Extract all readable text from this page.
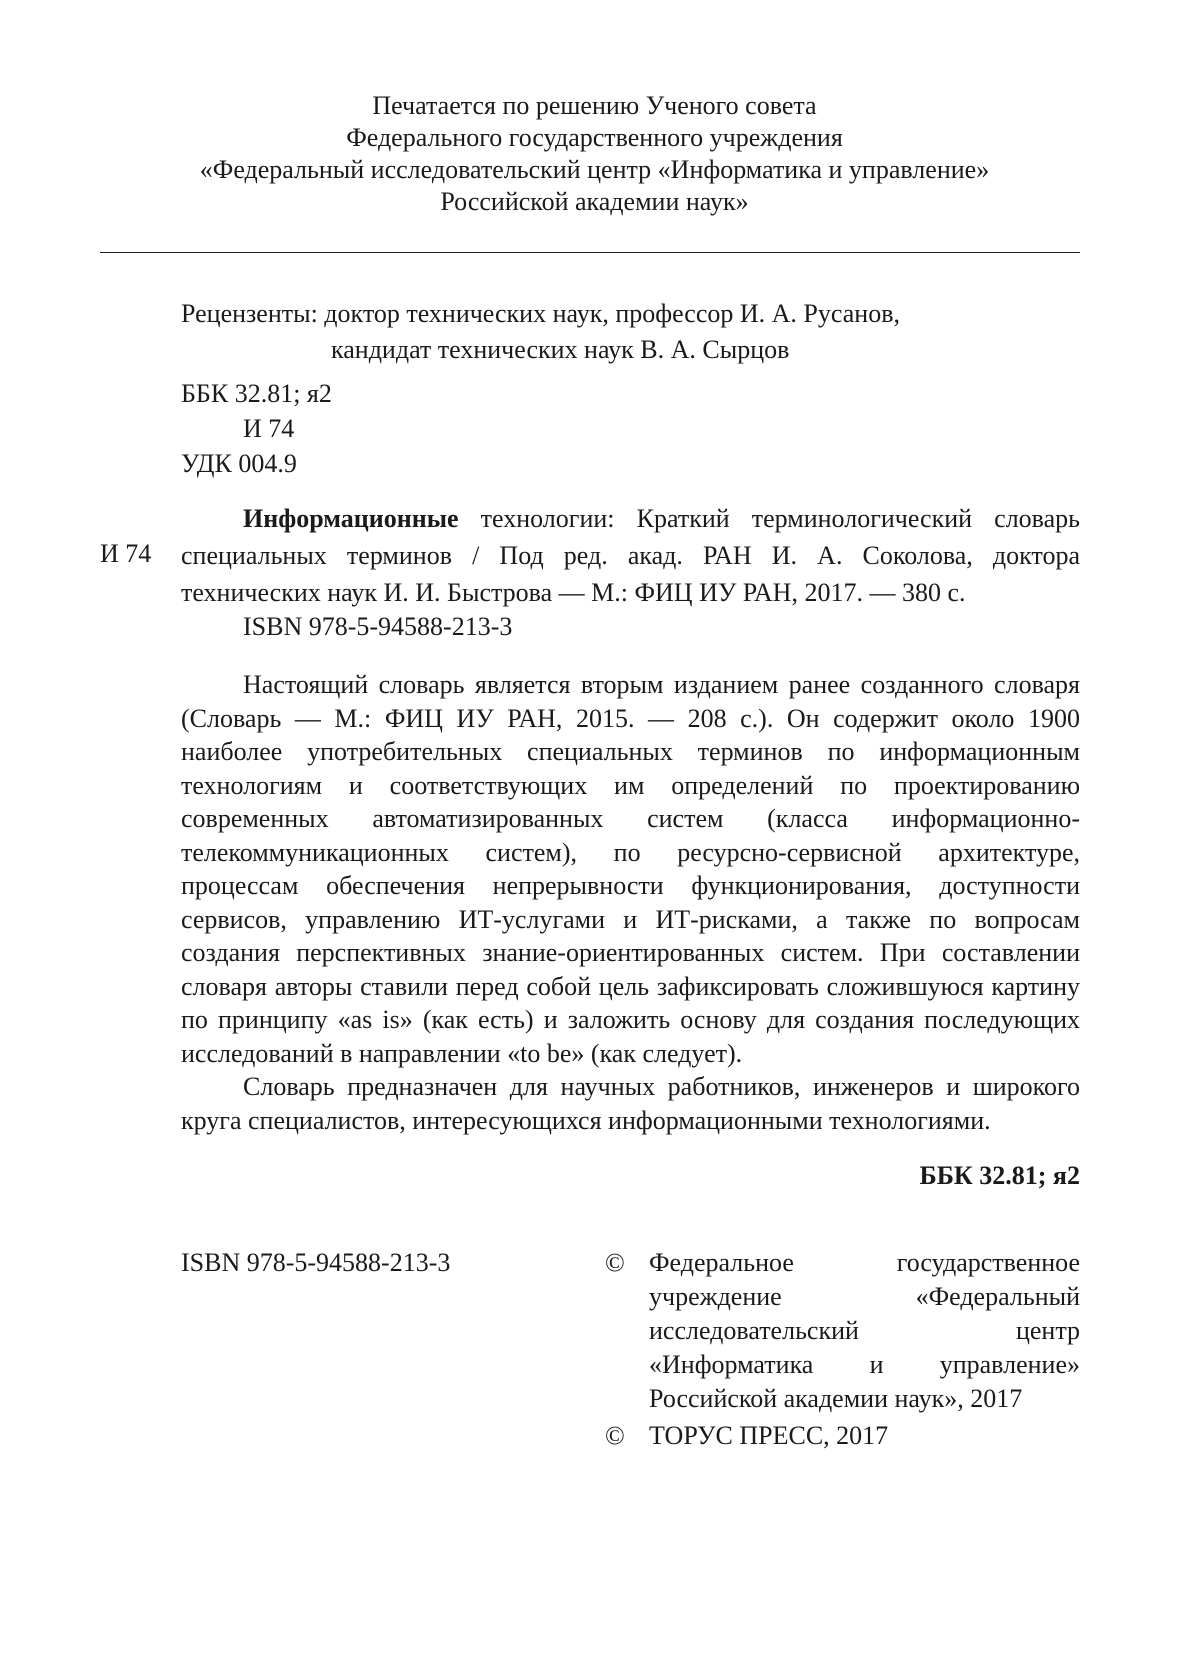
Печатается по решению Ученого совета
Федерального государственного учреждения
«Федеральный исследовательский центр «Информатика и управление»
Российской академии наук»
Рецензенты: доктор технических наук, профессор И. А. Русанов,
кандидат технических наук В. А. Сырцов
ББК 32.81; я2
И 74
УДК 004.9
И 74

Информационные технологии: Краткий терминологический словарь специальных терминов / Под ред. акад. РАН И. А. Соколова, доктора технических наук И. И. Быстрова — М.: ФИЦ ИУ РАН, 2017. — 380 с.

ISBN 978-5-94588-213-3

Настоящий словарь является вторым изданием ранее созданного словаря (Словарь — М.: ФИЦ ИУ РАН, 2015. — 208 с.). Он содержит около 1900 наиболее употребительных специальных терминов по информационным технологиям и соответствующих им определений по проектированию современных автоматизированных систем (класса информационно-телекоммуникационных систем), по ресурсно-сервисной архитектуре, процессам обеспечения непрерывности функционирования, доступности сервисов, управлению ИТ-услугами и ИТ-рисками, а также по вопросам создания перспективных знание-ориентированных систем. При составлении словаря авторы ставили перед собой цель зафиксировать сложившуюся картину по принципу «as is» (как есть) и заложить основу для создания последующих исследований в направлении «to be» (как следует).

Словарь предназначен для научных работников, инженеров и широкого круга специалистов, интересующихся информационными технологиями.

ББК 32.81; я2
ISBN 978-5-94588-213-3	© Федеральное государственное учреждение «Федеральный исследовательский центр «Информатика и управление» Российской академии наук», 2017
© ТОРУС ПРЕСС, 2017
